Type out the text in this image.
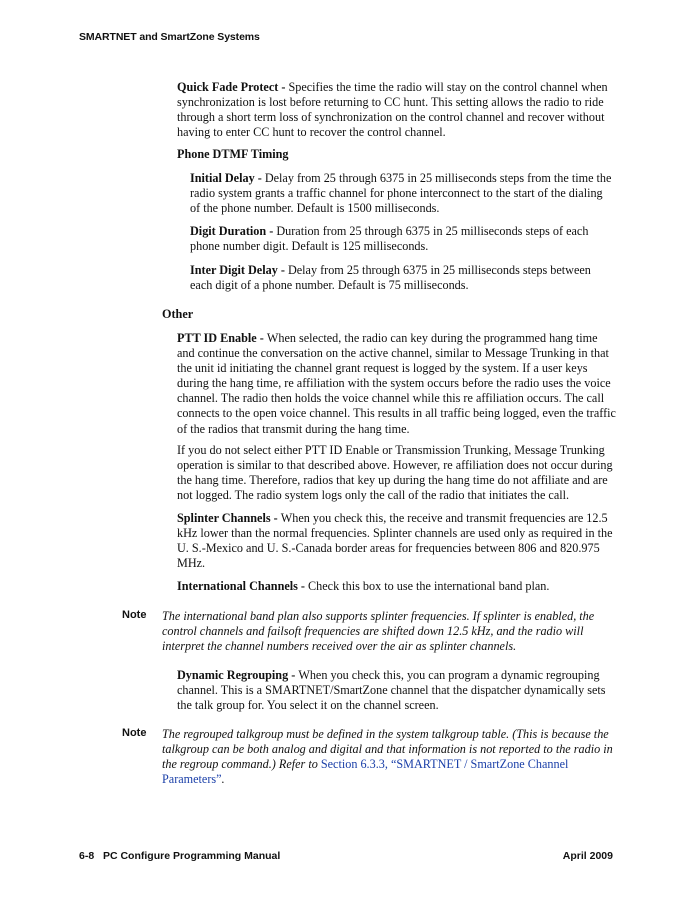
SMARTNET and SmartZone Systems

Quick Fade Protect - Specifies the time the radio will stay on the control channel when synchronization is lost before returning to CC hunt. This setting allows the radio to ride through a short term loss of synchronization on the control channel and recover without having to enter CC hunt to recover the control channel.

Phone DTMF Timing

Initial Delay - Delay from 25 through 6375 in 25 milliseconds steps from the time the radio system grants a traffic channel for phone interconnect to the start of the dialing of the phone number. Default is 1500 milliseconds.

Digit Duration - Duration from 25 through 6375 in 25 milliseconds steps of each phone number digit. Default is 125 milliseconds.

Inter Digit Delay - Delay from 25 through 6375 in 25 milliseconds steps between each digit of a phone number. Default is 75 milliseconds.

Other

PTT ID Enable - When selected, the radio can key during the programmed hang time and continue the conversation on the active channel, similar to Message Trunking in that the unit id initiating the channel grant request is logged by the system. If a user keys during the hang time, re affiliation with the system occurs before the radio uses the voice channel. The radio then holds the voice channel while this re affiliation occurs. The call connects to the open voice channel. This results in all traffic being logged, even the traffic of the radios that transmit during the hang time.

If you do not select either PTT ID Enable or Transmission Trunking, Message Trunking operation is similar to that described above. However, re affiliation does not occur during the hang time. Therefore, radios that key up during the hang time do not affiliate and are not logged. The radio system logs only the call of the radio that initiates the call.

Splinter Channels - When you check this, the receive and transmit frequencies are 12.5 kHz lower than the normal frequencies. Splinter channels are used only as required in the U. S.-Mexico and U. S.-Canada border areas for frequencies between 806 and 820.975 MHz.

International Channels - Check this box to use the international band plan.

Note The international band plan also supports splinter frequencies. If splinter is enabled, the control channels and failsoft frequencies are shifted down 12.5 kHz, and the radio will interpret the channel numbers received over the air as splinter channels.

Dynamic Regrouping - When you check this, you can program a dynamic regrouping channel. This is a SMARTNET/SmartZone channel that the dispatcher dynamically sets the talk group for. You select it on the channel screen.

Note The regrouped talkgroup must be defined in the system talkgroup table. (This is because the talkgroup can be both analog and digital and that information is not reported to the radio in the regroup command.) Refer to Section 6.3.3, “SMARTNET / SmartZone Channel Parameters”.

6-8 PC Configure Programming Manual	April 2009
